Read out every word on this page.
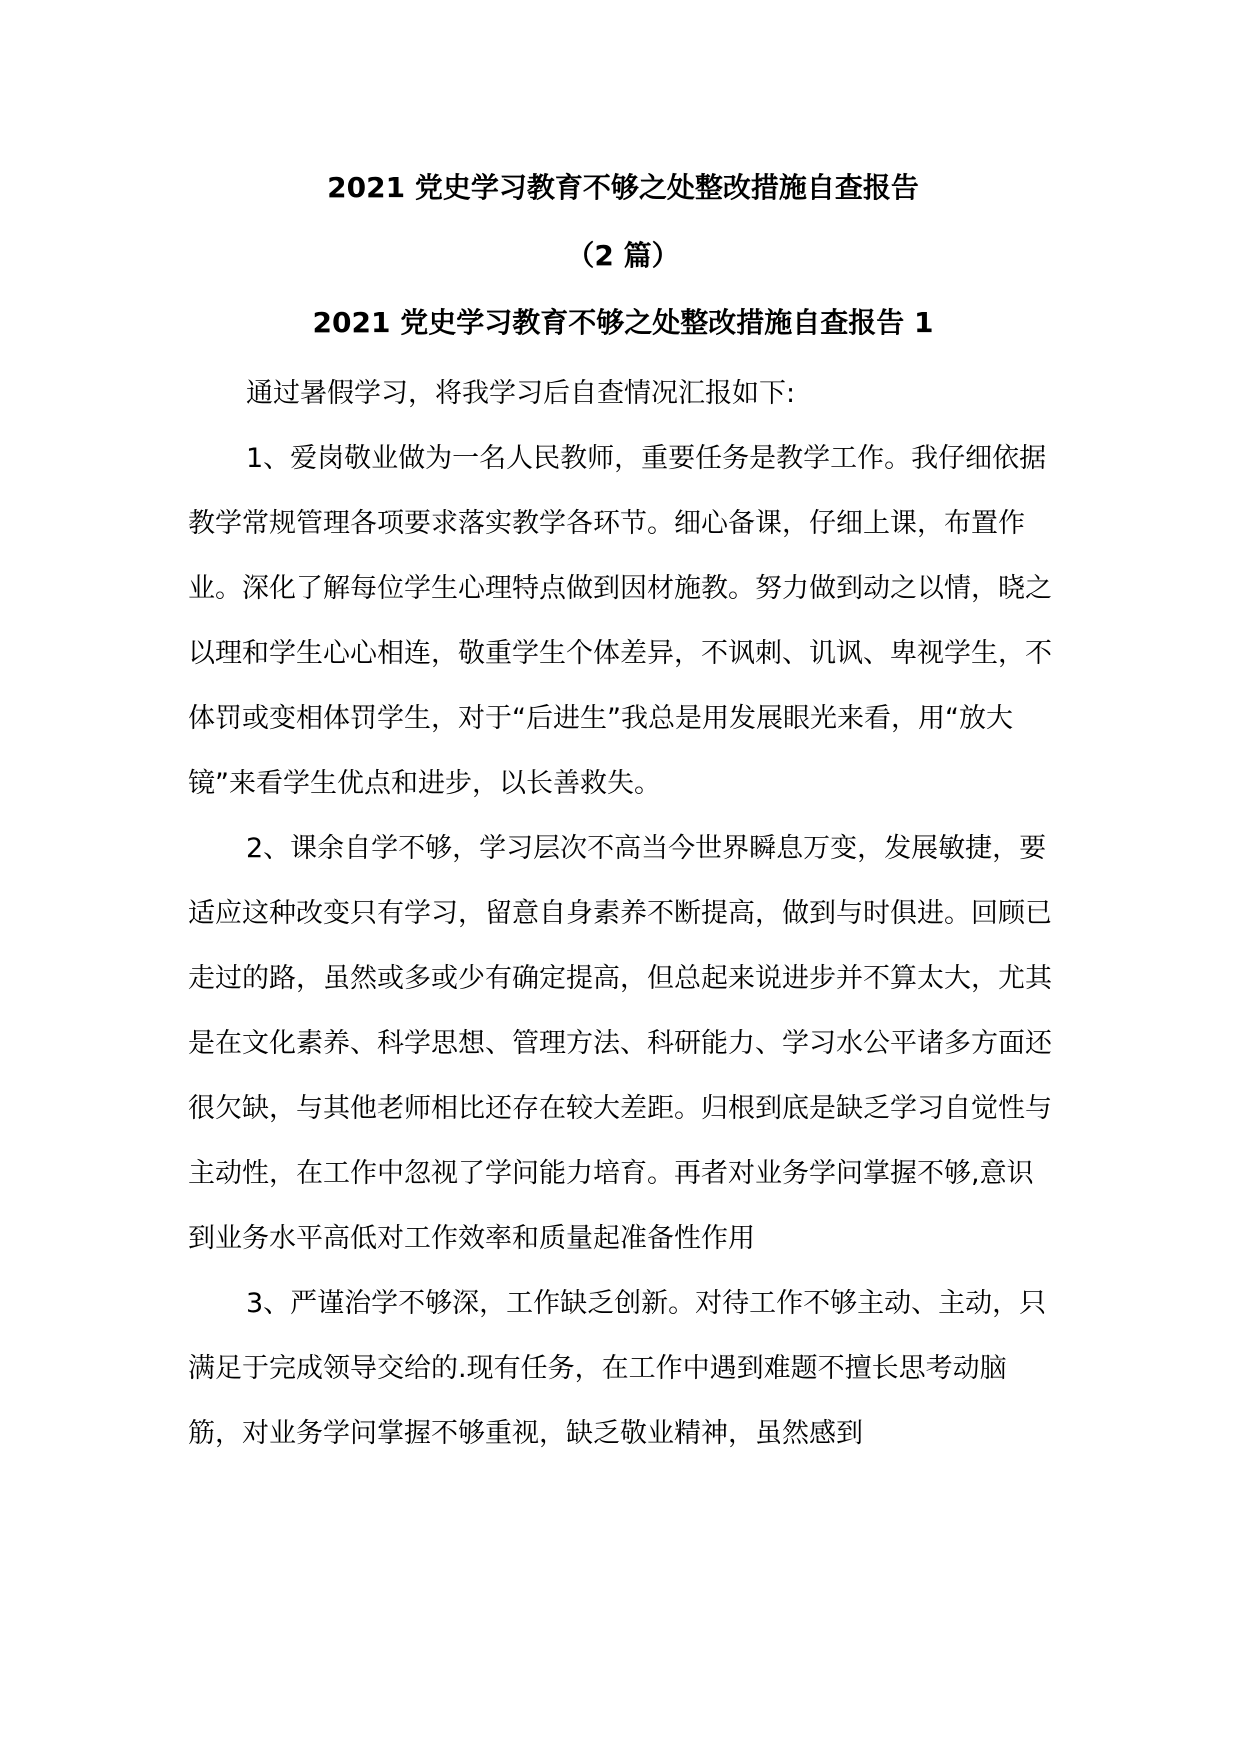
2021 党史学习教育不够之处整改措施自查报告
（2 篇）
2021 党史学习教育不够之处整改措施自查报告 1

通过暑假学习，将我学习后自查情况汇报如下:

1、爱岗敬业做为一名人民教师，重要任务是教学工作。我仔细依据教学常规管理各项要求落实教学各环节。细心备课，仔细上课，布置作业。深化了解每位学生心理特点做到因材施教。努力做到动之以情，晓之以理和学生心心相连，敬重学生个体差异，不讽刺、讥讽、卑视学生，不体罚或变相体罚学生，对于“后进生”我总是用发展眼光来看，用“放大镜”来看学生优点和进步，以长善救失。

2、课余自学不够，学习层次不高当今世界瞬息万变，发展敏捷，要适应这种改变只有学习，留意自身素养不断提高，做到与时俱进。回顾已走过的路，虽然或多或少有确定提高，但总起来说进步并不算太大，尤其是在文化素养、科学思想、管理方法、科研能力、学习水公平诸多方面还很欠缺，与其他老师相比还存在较大差距。归根到底是缺乏学习自觉性与主动性，在工作中忽视了学问能力培育。再者对业务学问掌握不够,意识到业务水平高低对工作效率和质量起准备性作用

3、严谨治学不够深，工作缺乏创新。对待工作不够主动、主动，只满足于完成领导交给的.现有任务，在工作中遇到难题不擅长思考动脑筋，对业务学问掌握不够重视，缺乏敬业精神，虽然感到
